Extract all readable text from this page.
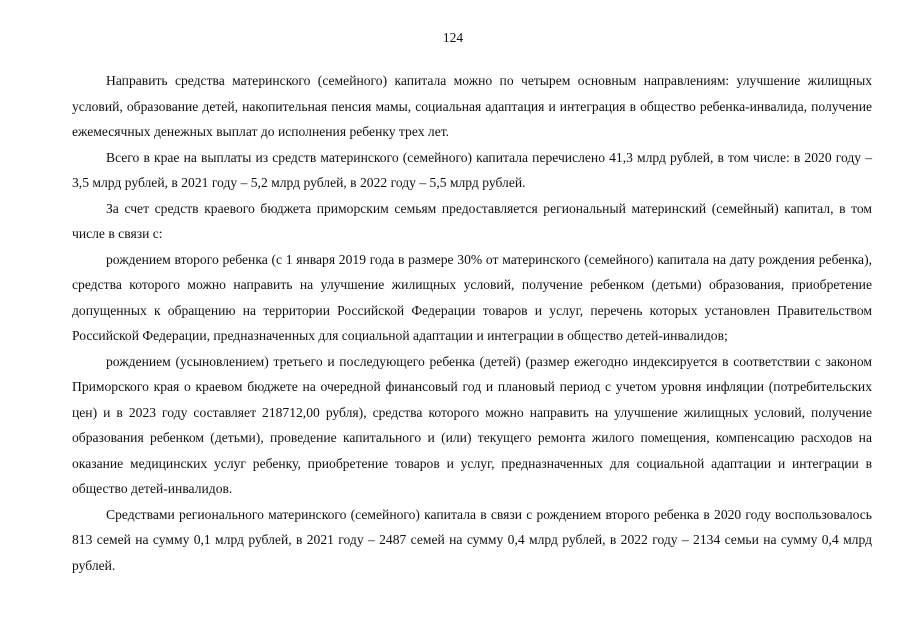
124

Направить средства материнского (семейного) капитала можно по четырем основным направлениям: улучшение жилищных условий, образование детей, накопительная пенсия мамы, социальная адаптация и интеграция в общество ребенка-инвалида, получение ежемесячных денежных выплат до исполнения ребенку трех лет.

Всего в крае на выплаты из средств материнского (семейного) капитала перечислено 41,3 млрд рублей, в том числе: в 2020 году – 3,5 млрд рублей, в 2021 году – 5,2 млрд рублей, в 2022 году – 5,5 млрд рублей.

За счет средств краевого бюджета приморским семьям предоставляется региональный материнский (семейный) капитал, в том числе в связи с:

рождением второго ребенка (с 1 января 2019 года в размере 30% от материнского (семейного) капитала на дату рождения ребенка), средства которого можно направить на улучшение жилищных условий, получение ребенком (детьми) образования, приобретение допущенных к обращению на территории Российской Федерации товаров и услуг, перечень которых установлен Правительством Российской Федерации, предназначенных для социальной адаптации и интеграции в общество детей-инвалидов;

рождением (усыновлением) третьего и последующего ребенка (детей) (размер ежегодно индексируется в соответствии с законом Приморского края о краевом бюджете на очередной финансовый год и плановый период с учетом уровня инфляции (потребительских цен) и в 2023 году составляет 218712,00 рубля), средства которого можно направить на улучшение жилищных условий, получение образования ребенком (детьми), проведение капитального и (или) текущего ремонта жилого помещения, компенсацию расходов на оказание медицинских услуг ребенку, приобретение товаров и услуг, предназначенных для социальной адаптации и интеграции в общество детей-инвалидов.

Средствами регионального материнского (семейного) капитала в связи с рождением второго ребенка в 2020 году воспользовалось 813 семей на сумму 0,1 млрд рублей, в 2021 году – 2487 семей на сумму 0,4 млрд рублей, в 2022 году – 2134 семьи на сумму 0,4 млрд рублей.
